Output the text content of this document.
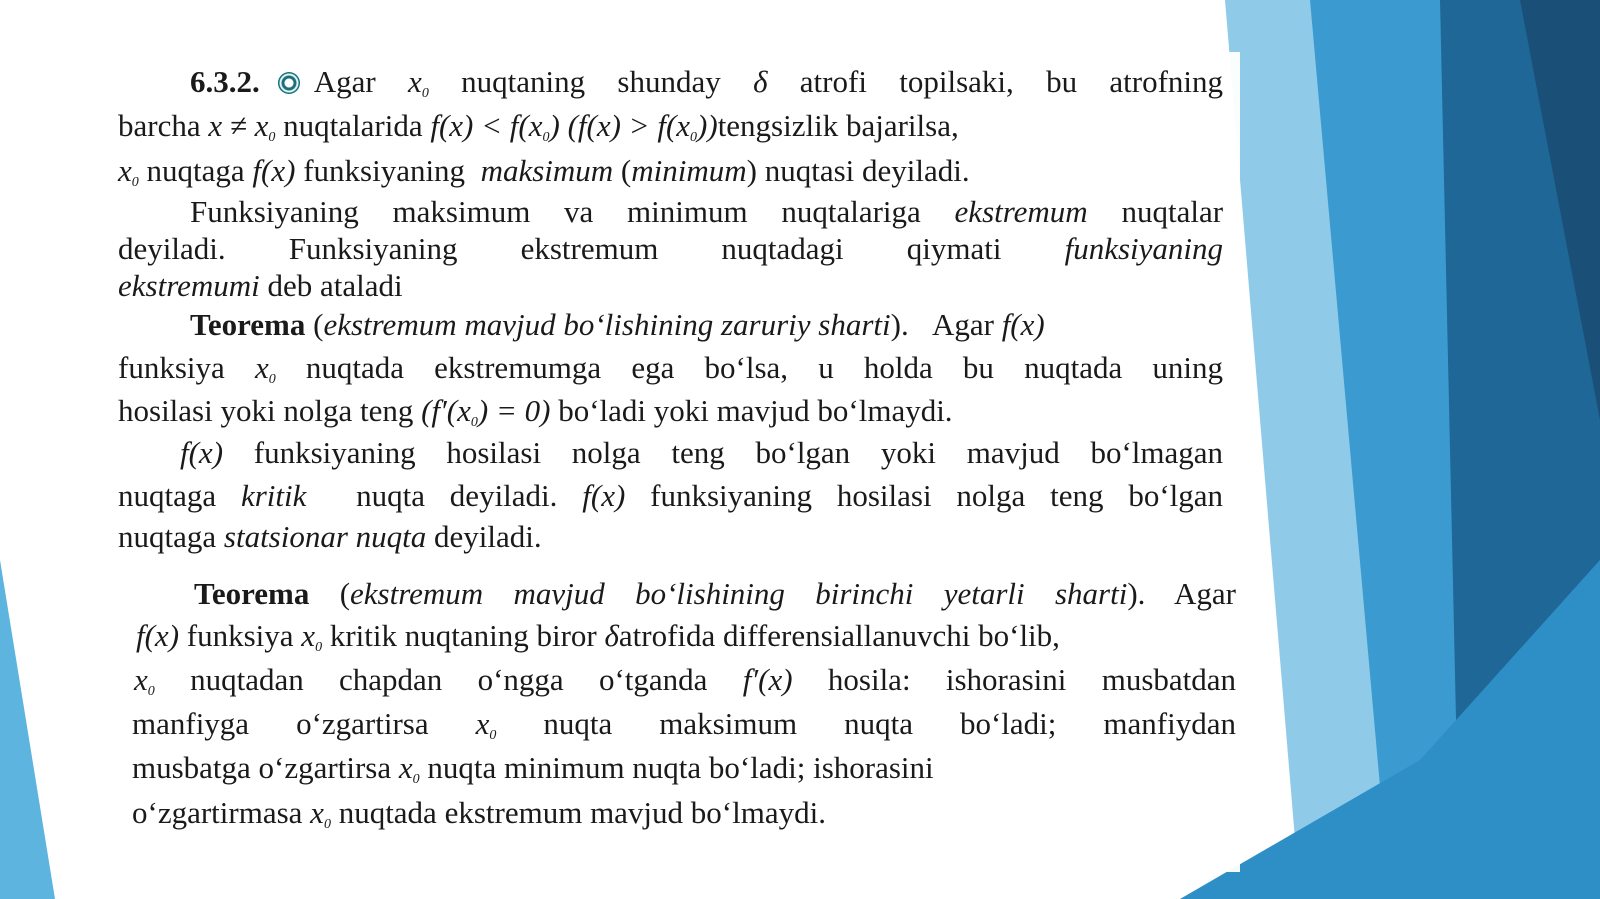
6.3.2. Agar $x_0$ nuqtaning shunday δ atrofi topilsaki, bu atrofning
barcha $x \ne x_0$ nuqtalarida $f(x) < f(x_0) (f(x)$ > $f(x_0))tengsizlik$ bajarilsa,
$x_0$ nuqtaga f(x) funksiyaning maksimum (minimum) nuqtasi deyiladi.
Funksiyaning maksimum va minimum nuqtalariga ekstremum nuqtalar
deyiladi. Funksiyaning ekstremum nuqtadagi qiymati funksiyaning
ekstremumi deb ataladi
Teorema (ekstremum mavjud bo‘lishining zaruriy sharti).   Agar f(x)
funksiya $x_0$ nuqtada ekstremumga ega bo‘lsa, u holda bu nuqtada uning
hosilasi yoki nolga teng $(f'(x_0) = 0)$ bo‘ladi yoki mavjud bo‘lmaydi.
f(x) funksiyaning hosilasi nolga teng bo‘lgan yoki mavjud bo‘lmagan
nuqtaga kritik nuqta deyiladi. f(x) funksiyaning hosilasi nolga teng bo‘lgan
nuqtaga statsionar nuqta deyiladi.
Teorema (ekstremum mavjud bo‘lishining birinchi yetarli sharti). Agar
f(x) funksiya $x_0$ kritik nuqtaning biror δatrofida differensiallanuvchi bo‘lib,
$x_0$ nuqtadan chapdan o‘ngga o‘tganda f′(x) hosila: ishorasini musbatdan
manfiyga o‘zgartirsa $x_0$ nuqta maksimum nuqta bo‘ladi; manfiydan
musbatga o‘zgartirsa $x_0$ nuqta minimum nuqta bo‘ladi; ishorasini
o‘zgartirmasa $x_0$ nuqtada ekstremum mavjud bo‘lmaydi.
